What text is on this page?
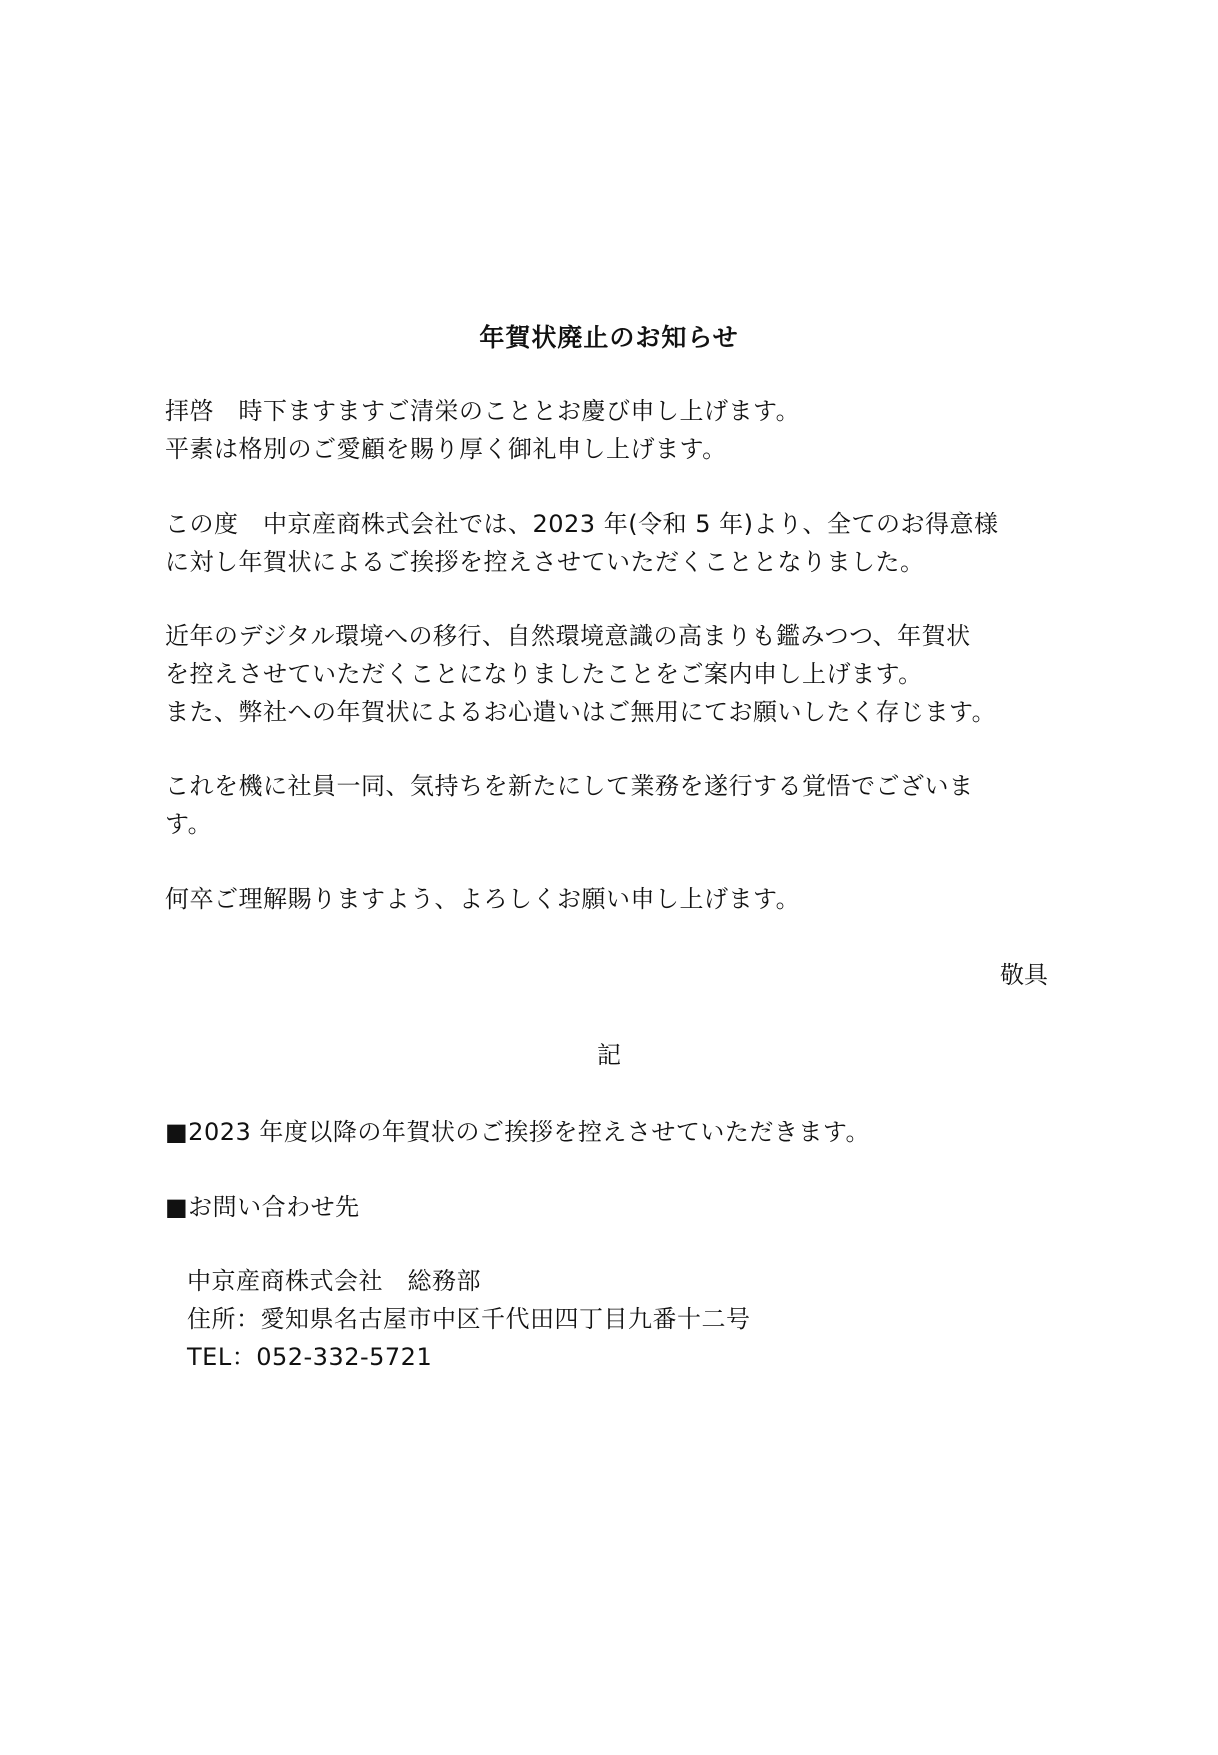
年賀状廃止のお知らせ
拝啓　時下ますますご清栄のこととお慶び申し上げます。
平素は格別のご愛顧を賜り厚く御礼申し上げます。
この度　中京産商株式会社では、2023 年(令和 5 年)より、全てのお得意様
に対し年賀状によるご挨拶を控えさせていただくこととなりました。
近年のデジタル環境への移行、自然環境意識の高まりも鑑みつつ、年賀状
を控えさせていただくことになりましたことをご案内申し上げます。
また、弊社への年賀状によるお心遣いはご無用にてお願いしたく存じます。
これを機に社員一同、気持ちを新たにして業務を遂行する覚悟でございま
す。
何卒ご理解賜りますよう、よろしくお願い申し上げます。
敬具
記
■2023 年度以降の年賀状のご挨拶を控えさせていただきます。
■お問い合わせ先
中京産商株式会社　総務部
住所：愛知県名古屋市中区千代田四丁目九番十二号
TEL：052-332-5721
